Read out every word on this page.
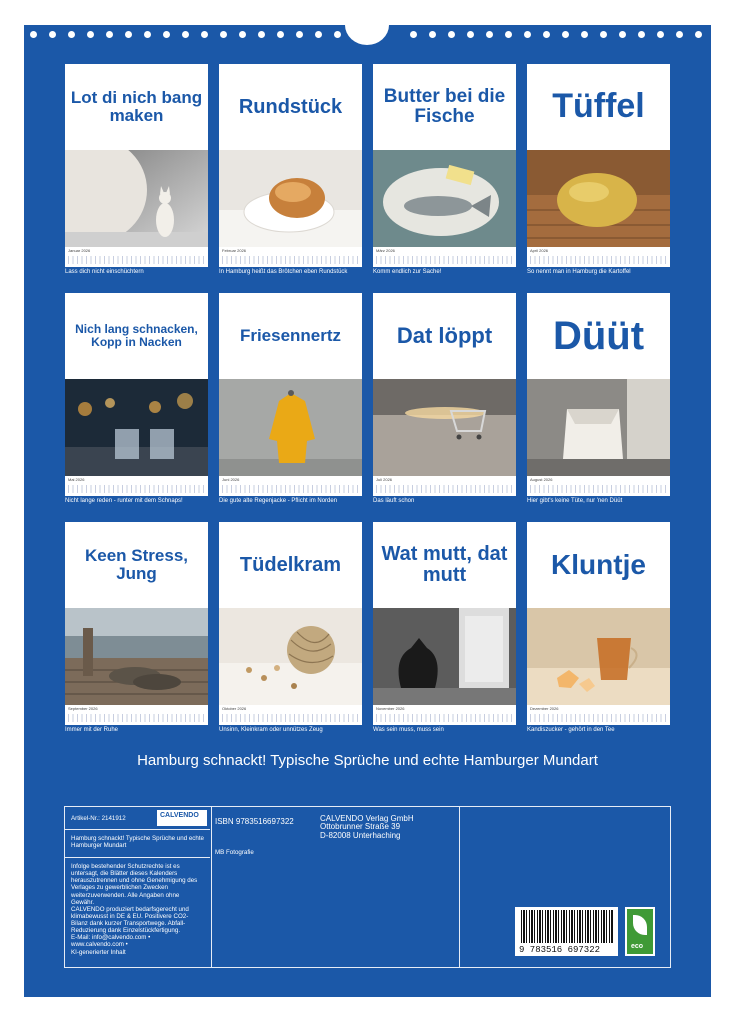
Lot di nich bang maken
Januar 2026
Lass dich nicht einschüchtern
Rundstück
Februar 2026
In Hamburg heißt das Brötchen eben Rundstück
Butter bei die Fische
März 2026
Komm endlich zur Sache!
Tüffel
April 2026
So nennt man in Hamburg die Kartoffel
Nich lang schnacken, Kopp in Nacken
Mai 2026
Nicht lange reden - runter mit dem Schnaps!
Friesennertz
Juni 2026
Die gute alte Regenjacke - Pflicht im Norden
Dat löppt
Juli 2026
Das läuft schon
Düüt
August 2026
Hier gibt's keine Tüte, nur 'nen Düüt
Keen Stress, Jung
September 2026
Immer mit der Ruhe
Tüdelkram
Oktober 2026
Unsinn, Kleinkram oder unnützes Zeug
Wat mutt, dat mutt
November 2026
Was sein muss, muss sein
Kluntje
Dezember 2026
Kandiszucker - gehört in den Tee
Hamburg schnackt! Typische Sprüche und echte Hamburger Mundart
Artikel-Nr.: 2141912	CALVENDO
Hamburg schnackt! Typische Sprüche und echte Hamburger Mundart
Infolge bestehender Schutzrechte ist es
untersagt, die Blätter dieses Kalenders
herauszutrennen und ohne Genehmigung des
Verlages zu gewerblichen Zwecken
weiterzuverwenden. Alle Angaben ohne
Gewähr.
CALVENDO produziert bedarfsgerecht und
klimabewusst in DE & EU. Positivere CO2-
Bilanz dank kurzer Transportwege. Abfall-
Reduzierung dank Einzelstückfertigung.
E-Mail: info@calvendo.com •
www.calvendo.com •
KI-generierter Inhalt
ISBN 9783516697322	CALVENDO Verlag GmbH
Ottobrunner Straße 39
D-82008 Unterhaching
MB Fotografie
9 783516 697322	eco
